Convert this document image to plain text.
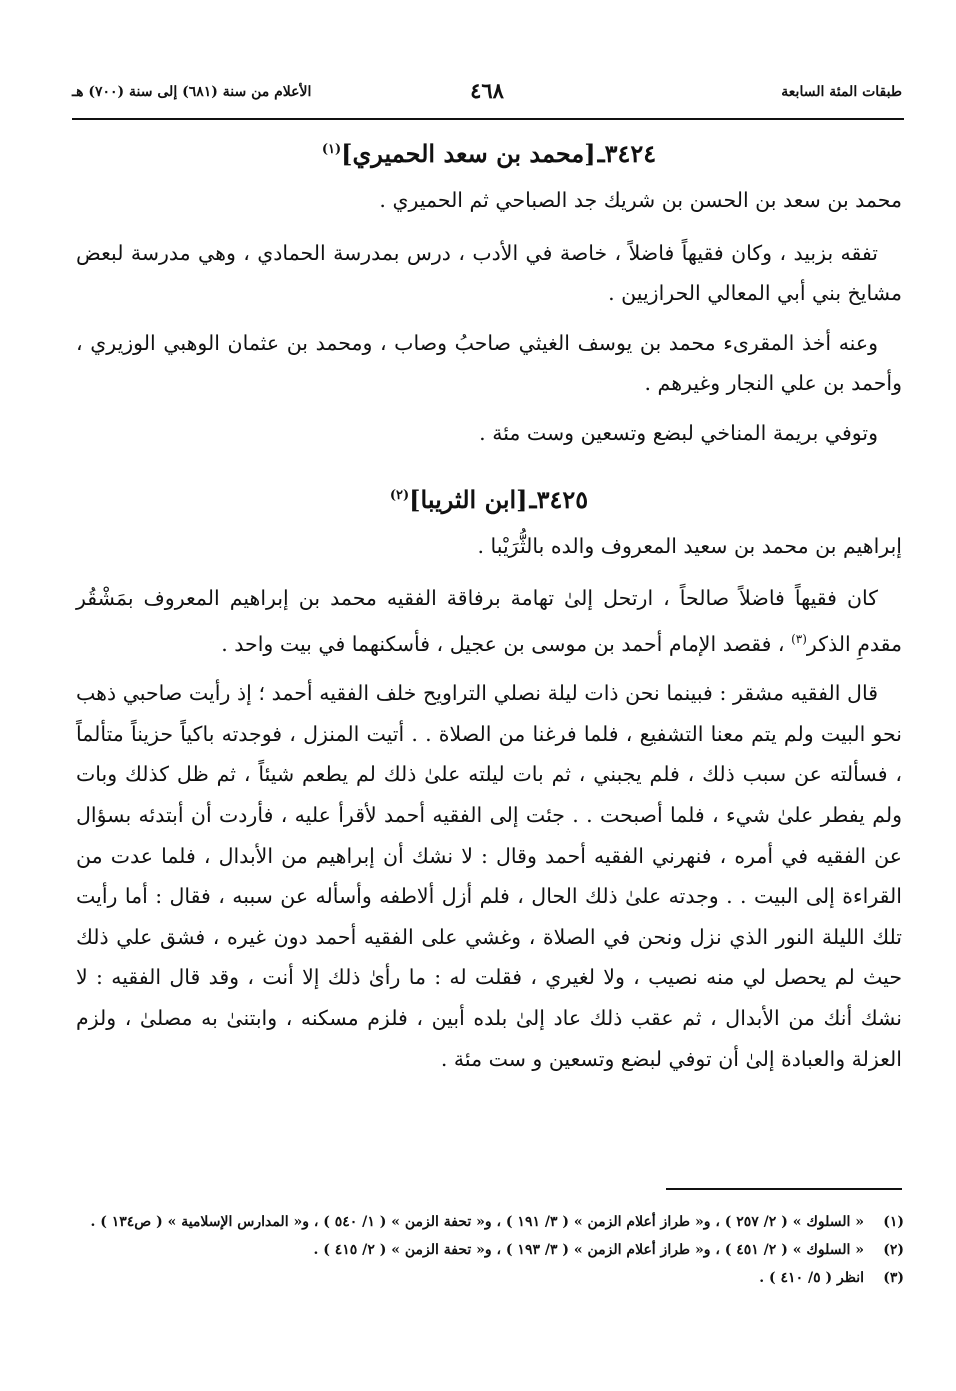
طبقات المئة السابعة
٤٦٨
الأعلام من سنة (٦٨١) إلى سنة (٧٠٠) هـ
٣٤٢٤ـ[محمد بن سعد الحميري]$^{(١)}$

محمد بن سعد بن الحسن بن شريك جد الصباحي ثم الحميري .

تفقه بزبيد ، وكان فقيهاً فاضلاً ، خاصة في الأدب ، درس بمدرسة الحمادي ، وهي مدرسة لبعض مشايخ بني أبي المعالي الحرازيين .

وعنه أخذ المقرىء محمد بن يوسف الغيثي صاحبُ وصاب ، ومحمد بن عثمان الوهبي الوزيري ، وأحمد بن علي النجار وغيرهم .

وتوفي بريمة المناخي لبضع وتسعين وست مئة .

٣٤٢٥ـ[ابن الثريبا]$^{(٢)}$

إبراهيم بن محمد بن سعيد المعروف والده بالثُّرَيْبا .

كان فقيهاً فاضلاً صالحاً ، ارتحل إلىٰ تهامة برفاقة الفقيه محمد بن إبراهيم المعروف بمَشْقُر مقدمِ الذكر$^{(٣)}$ ، فقصد الإمام أحمد بن موسى بن عجيل ، فأسكنهما في بيت واحد .

قال الفقيه مشقر : فبينما نحن ذات ليلة نصلي التراويح خلف الفقيه أحمد ؛ إذ رأيت صاحبي ذهب نحو البيت ولم يتم معنا التشفيع ، فلما فرغنا من الصلاة . . أتيت المنزل ، فوجدته باكياً حزيناً متألماً ، فسألته عن سبب ذلك ، فلم يجبني ، ثم بات ليلته علىٰ ذلك لم يطعم شيئاً ، ثم ظل كذلك وبات ولم يفطر علىٰ شيء ، فلما أصبحت . . جئت إلى الفقيه أحمد لأقرأ عليه ، فأردت أن أبتدئه بسؤال عن الفقيه في أمره ، فنهرني الفقيه أحمد وقال : لا نشك أن إبراهيم من الأبدال ، فلما عدت من القراءة إلى البيت . . وجدته علىٰ ذلك الحال ، فلم أزل ألاطفه وأسأله عن سببه ، فقال : أما رأيت تلك الليلة النور الذي نزل ونحن في الصلاة ، وغشي على الفقيه أحمد دون غيره ، فشق علي ذلك حيث لم يحصل لي منه نصيب ، ولا لغيري ، فقلت له : ما رأىٰ ذلك إلا أنت ، وقد قال الفقيه : لا نشك أنك من الأبدال ، ثم عقب ذلك عاد إلىٰ بلده أبين ، فلزم مسكنه ، وابتنىٰ به مصلىٰ ، ولزم العزلة والعبادة إلىٰ أن توفي لبضع وتسعين و ست مئة .

(١)
« السلوك » ( ٢/ ٢٥٧ ) ، و« طراز أعلام الزمن » ( ٣/ ١٩١ ) ، و« تحفة الزمن » ( ١/ ٥٤٠ ) ، و« المدارس الإسلامية » ( ص١٣٤ ) .
(٢)
« السلوك » ( ٢/ ٤٥١ ) ، و« طراز أعلام الزمن » ( ٣/ ١٩٣ ) ، و« تحفة الزمن » ( ٢/ ٤١٥ ) .
(٣)
انظر ( ٥/ ٤١٠ ) .
